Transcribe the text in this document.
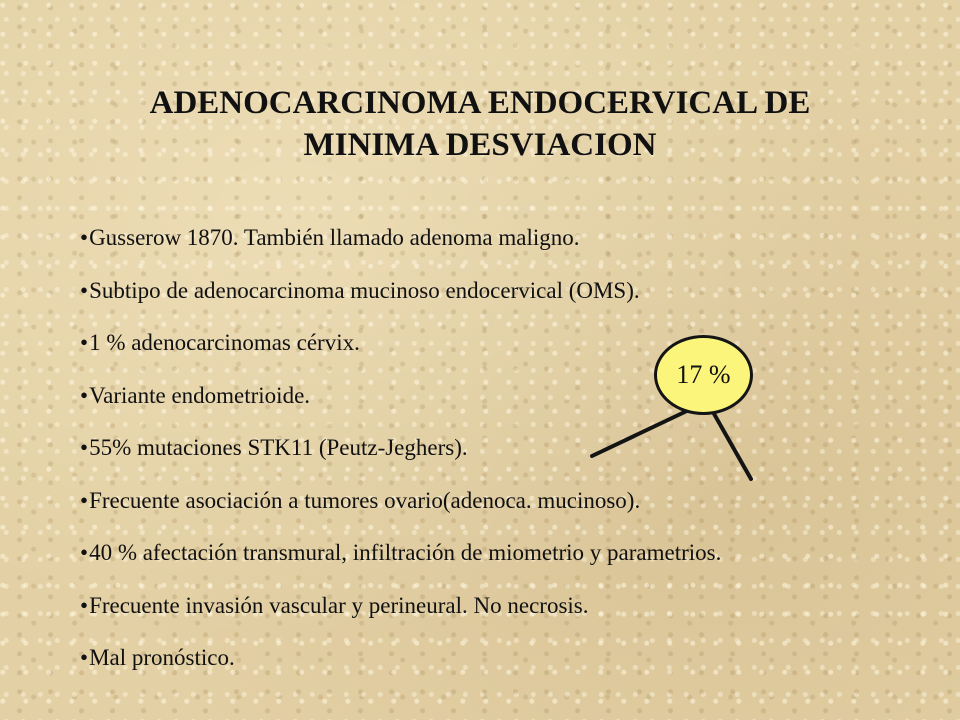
ADENOCARCINOMA ENDOCERVICAL DE
MINIMA DESVIACION
•Gusserow 1870. También llamado adenoma maligno.
•Subtipo de adenocarcinoma mucinoso endocervical (OMS).
•1 % adenocarcinomas cérvix.
•Variante endometrioide.
•55% mutaciones STK11 (Peutz-Jeghers).
•Frecuente asociación a tumores ovario(adenoca. mucinoso).
•40 % afectación transmural, infiltración de miometrio y parametrios.
•Frecuente invasión vascular y perineural. No necrosis.
•Mal pronóstico.
17 %
